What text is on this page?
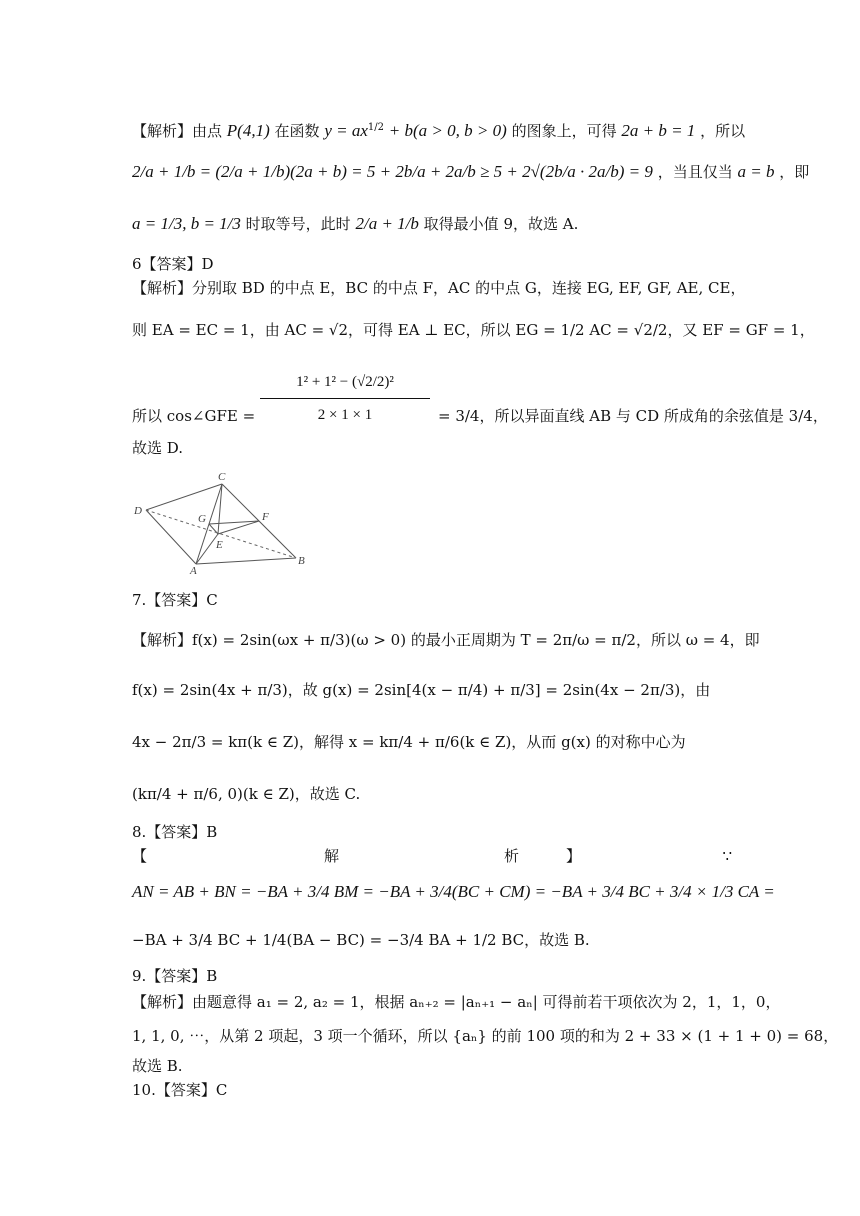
【解析】由点 P(4,1) 在函数 $y = ax^{1/2} + b(a > 0$, b > 0) 的图象上，可得 2a + b = 1 ，所以
2/a + 1/b = (2/a + 1/b)(2a + b) = 5 + 2b/a + 2a/b ≥ 5 + 2√(2b/a · 2a/b) = 9 ，当且仅当 a = b ，即
a = 1/3, b = 1/3 时取等号，此时 2/a + 1/b 取得最小值 9，故选 A.
6【答案】D
【解析】分别取 BD 的中点 E，BC 的中点 F，AC 的中点 G，连接 EG, EF, GF, AE, CE，
则 EA = EC = 1，由 AC = √2，可得 EA ⊥ EC，所以 EG = 1/2 AC = √2/2，又 EF = GF = 1，
所以 cos∠GFE = $\frac{\text{1² + 1² − (√2/2)²}}{2 \times 1 \times 1} = 3/4$，所以异面直线 AB 与 CD 所成角的余弦值是 3/4，
故选 D.
C
D
G	F
E
A
B
7.【答案】C
【解析】f(x) = 2sin(ωx + π/3)(ω > 0) 的最小正周期为 T = 2π/ω = π/2，所以 ω = 4，即
f(x) = 2sin(4x + π/3)，故 g(x) = 2sin[4(x − π/4) + π/3] = 2sin(4x − 2π/3)，由
4x − 2π/3 = kπ(k ∈ Z)，解得 x = kπ/4 + π/6(k ∈ Z)，从而 g(x) 的对称中心为
(kπ/4 + π/6, 0)(k ∈ Z)，故选 C.
8.【答案】B
【	解	析	】	∵
AN = AB + BN = −BA + 3/4 BM = −BA + 3/4(BC + CM) = −BA + 3/4 BC + 3/4 × 1/3 CA =
−BA + 3/4 BC + 1/4(BA − BC) = −3/4 BA + 1/2 BC，故选 B.
9.【答案】B
【解析】由题意得 a₁ = 2, a₂ = 1，根据 aₙ₊₂ = |aₙ₊₁ − aₙ| 可得前若干项依次为 2，1，1，0，
1, 1, 0, ⋯，从第 2 项起，3 项一个循环，所以 {aₙ} 的前 100 项的和为 2 + 33 × (1 + 1 + 0) = 68，
故选 B.
10.【答案】C
